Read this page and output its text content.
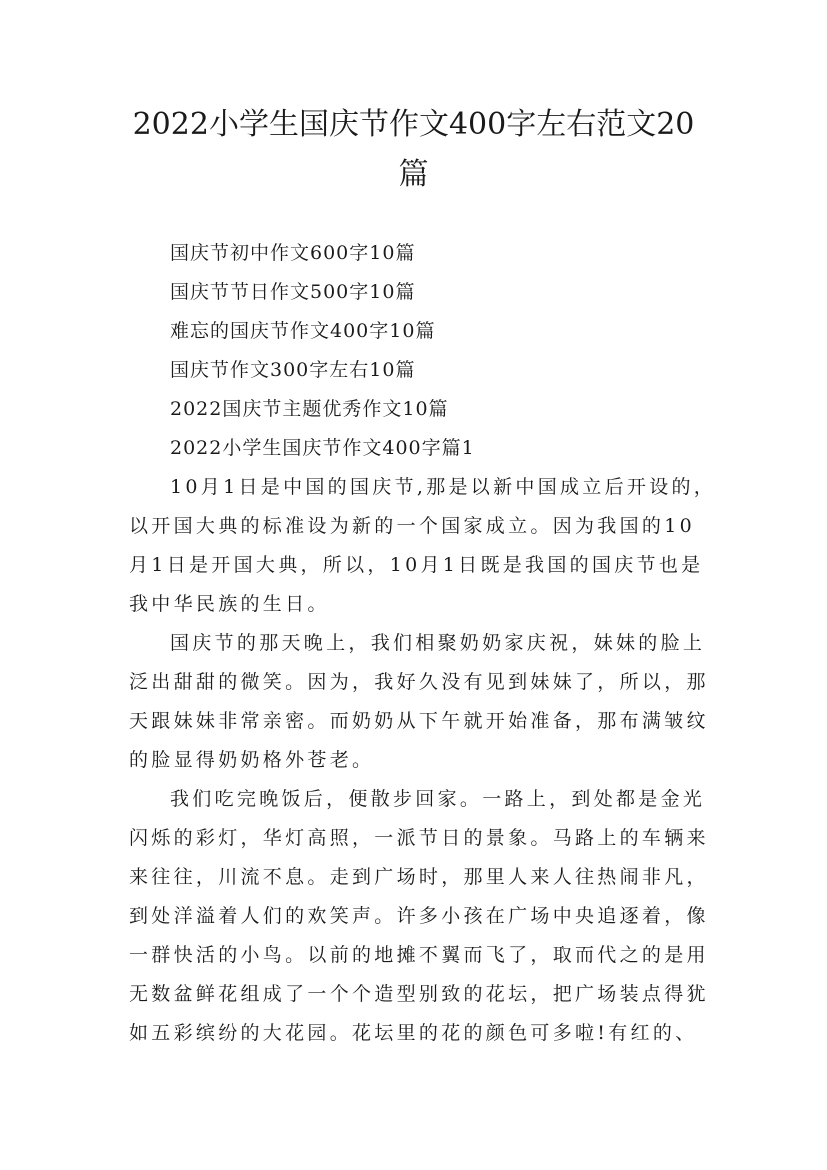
2022小学生国庆节作文400字左右范文20
篇
国庆节初中作文600字10篇
国庆节节日作文500字10篇
难忘的国庆节作文400字10篇
国庆节作文300字左右10篇
2022国庆节主题优秀作文10篇
2022小学生国庆节作文400字篇1

10月1日是中国的国庆节,那是以新中国成立后开设的，
以开国大典的标准设为新的一个国家成立。因为我国的10
月1日是开国大典，所以，10月1日既是我国的国庆节也是
我中华民族的生日。

国庆节的那天晚上，我们相聚奶奶家庆祝，妹妹的脸上
泛出甜甜的微笑。因为，我好久没有见到妹妹了，所以，那
天跟妹妹非常亲密。而奶奶从下午就开始准备，那布满皱纹
的脸显得奶奶格外苍老。

我们吃完晚饭后，便散步回家。一路上，到处都是金光
闪烁的彩灯，华灯高照，一派节日的景象。马路上的车辆来
来往往，川流不息。走到广场时，那里人来人往热闹非凡，
到处洋溢着人们的欢笑声。许多小孩在广场中央追逐着，像
一群快活的小鸟。以前的地摊不翼而飞了，取而代之的是用
无数盆鲜花组成了一个个造型别致的花坛，把广场装点得犹
如五彩缤纷的大花园。花坛里的花的颜色可多啦!有红的、
